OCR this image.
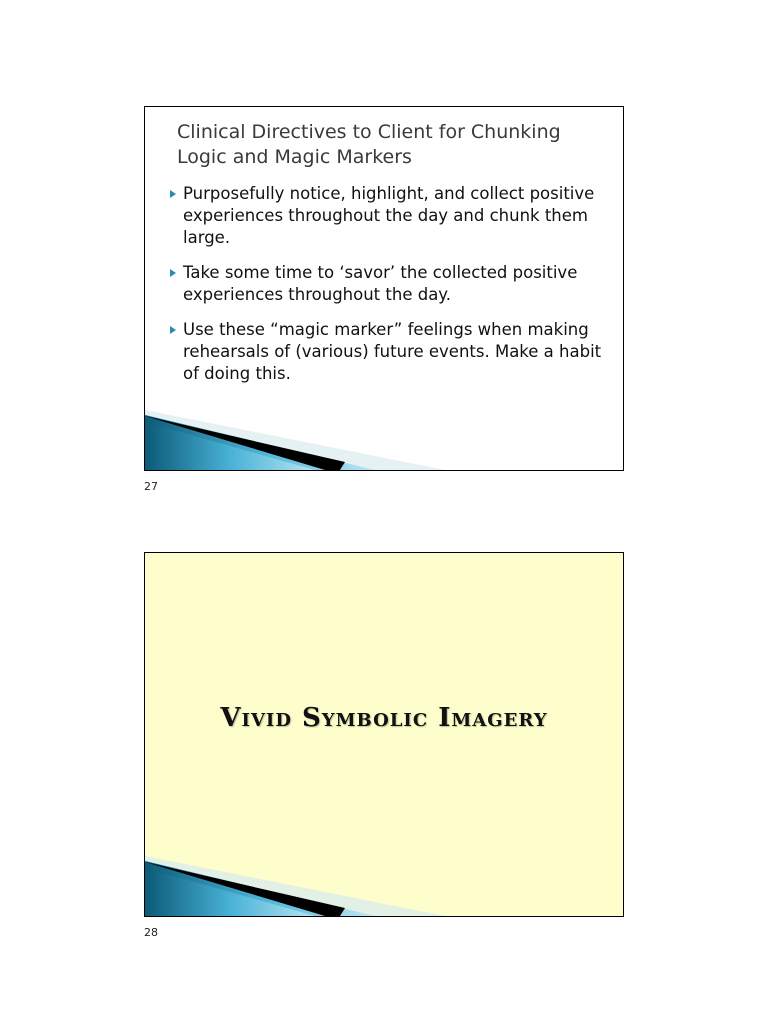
Clinical Directives to Client for Chunking Logic and Magic Markers
Purposefully notice, highlight, and collect positive experiences throughout the day and chunk them large.
Take some time to ‘savor’ the collected positive experiences throughout the day.
Use these “magic marker” feelings when making rehearsals of (various) future events. Make a habit of doing this.
27
Vivid Symbolic Imagery
28
